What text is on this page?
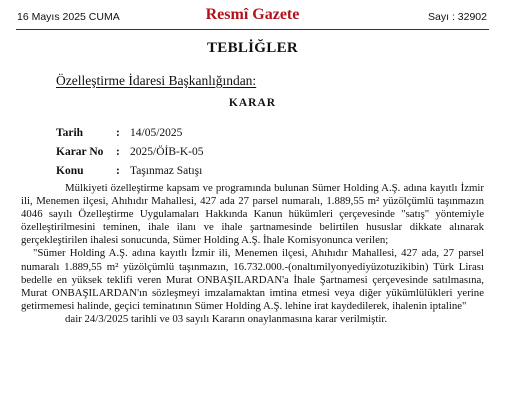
16 Mayıs 2025 CUMA	Resmî Gazete	Sayı : 32902
TEBLİĞLER
Özelleştirme İdaresi Başkanlığından:
KARAR
Tarih	: 14/05/2025
Karar No : 2025/ÖİB-K-05
Konu	: Taşınmaz Satışı

Mülkiyeti özelleştirme kapsam ve programında bulunan Sümer Holding A.Ş. adına kayıtlı İzmir ili, Menemen ilçesi, Ahıhıdır Mahallesi, 427 ada 27 parsel numaralı, 1.889,55 m² yüzölçümlü taşınmazın 4046 sayılı Özelleştirme Uygulamaları Hakkında Kanun hükümleri çerçevesinde "satış" yöntemiyle özelleştirilmesini teminen, ihale ilanı ve ihale şartnamesinde belirtilen hususlar dikkate alınarak gerçekleştirilen ihalesi sonucunda, Sümer Holding A.Ş. İhale Komisyonunca verilen;

"Sümer Holding A.Ş. adına kayıtlı İzmir ili, Menemen ilçesi, Ahıhıdır Mahallesi, 427 ada, 27 parsel numaralı 1.889,55 m² yüzölçümlü taşınmazın, 16.732.000.-(onaltımilyonyediyüzotuzikibin) Türk Lirası bedelle en yüksek teklifi veren Murat ONBAŞILARDAN'a İhale Şartnamesi çerçevesinde satılmasına, Murat ONBAŞILARDAN'ın sözleşmeyi imzalamaktan imtina etmesi veya diğer yükümlülükleri yerine getirmemesi halinde, geçici teminatının Sümer Holding A.Ş. lehine irat kaydedilerek, ihalenin iptaline"

dair 24/3/2025 tarihli ve 03 sayılı Kararın onaylanmasına karar verilmiştir.
